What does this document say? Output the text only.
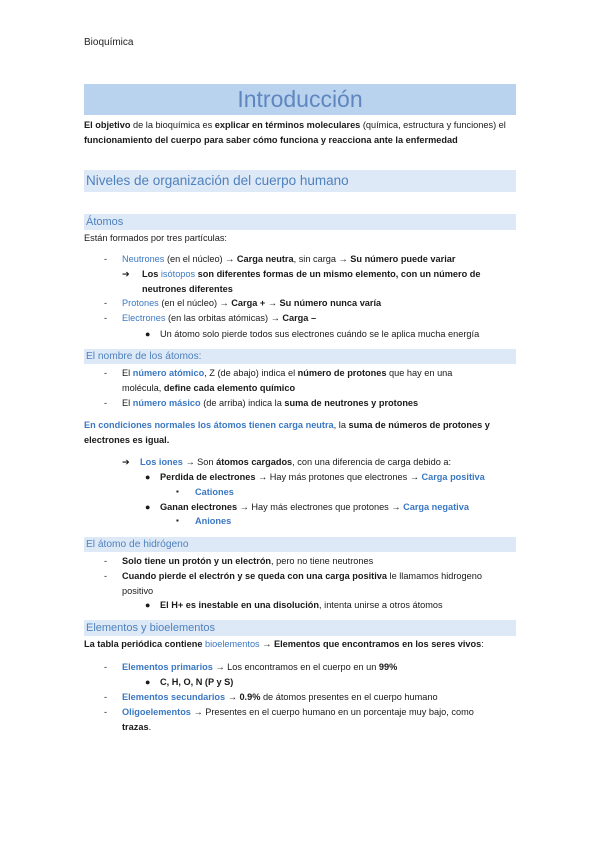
Bioquímica
Introducción
El objetivo de la bioquímica es explicar en términos moleculares (química, estructura y funciones) el funcionamiento del cuerpo para saber cómo funciona y reacciona ante la enfermedad
Niveles de organización del cuerpo humano
Átomos
Están formados por tres partículas:
-	Neutrones (en el núcleo) → Carga neutra, sin carga → Su número puede variar
➔ Los isótopos son diferentes formas de un mismo elemento, con un número de
neutrones diferentes
-	Protones (en el núcleo) → Carga + → Su número nunca varía
-	Electrones (en las orbitas atómicas) → Carga –
● Un átomo solo pierde todos sus electrones cuándo se le aplica mucha energía
El nombre de los átomos:
-	El número atómico, Z (de abajo) indica el número de protones que hay en una
molécula, define cada elemento químico
-	El número másico (de arriba) indica la suma de neutrones y protones
En condiciones normales los átomos tienen carga neutra, la suma de números de protones y
electrones es igual.
➔ Los iones → Son átomos cargados, con una diferencia de carga debido a:
● Perdida de electrones → Hay más protones que electrones → Carga positiva
▪	Cationes
● Ganan electrones → Hay más electrones que protones → Carga negativa
▪	Aniones
El átomo de hidrógeno
-	Solo tiene un protón y un electrón, pero no tiene neutrones
-	Cuando pierde el electrón y se queda con una carga positiva le llamamos hidrogeno
positivo
● El H+ es inestable en una disolución, intenta unirse a otros átomos
Elementos y bioelementos
La tabla periódica contiene bioelementos → Elementos que encontramos en los seres vivos:
-	Elementos primarios → Los encontramos en el cuerpo en un 99%
● C, H, O, N (P y S)
-	Elementos secundarios → 0.9% de átomos presentes en el cuerpo humano
-	Oligoelementos → Presentes en el cuerpo humano en un porcentaje muy bajo, como
trazas.
